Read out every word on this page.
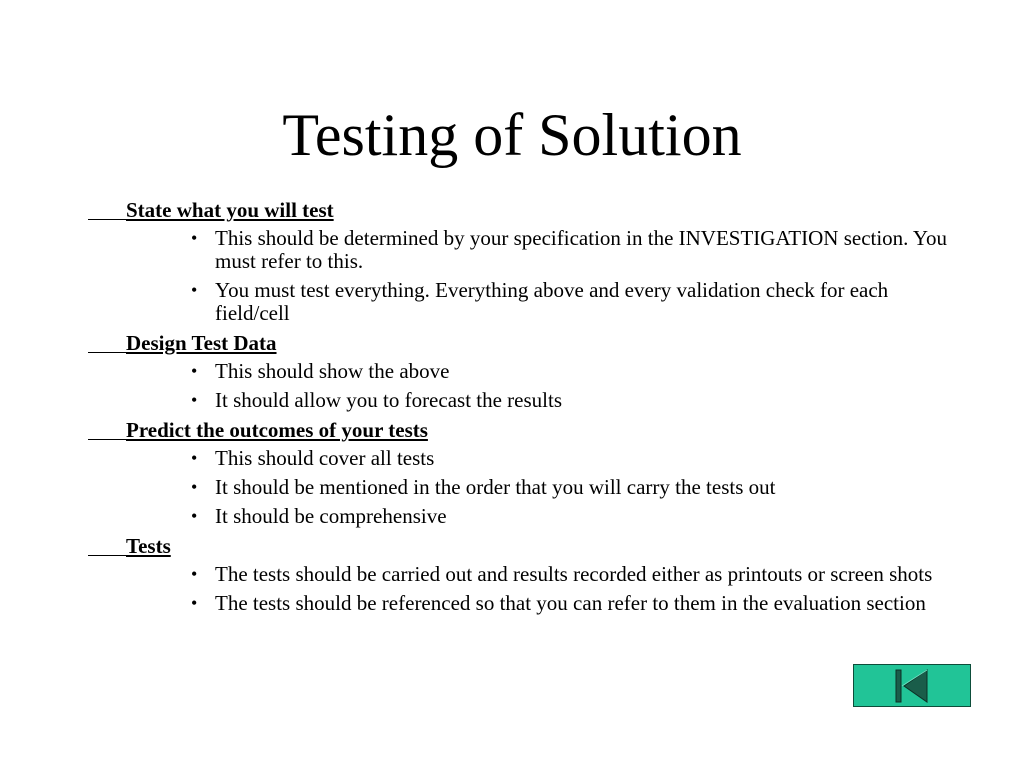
Testing of Solution
State what you will test
• This should be determined by your specification in the INVESTIGATION section. You must refer to this.
• You must test everything. Everything above and every validation check for each field/cell
Design Test Data
• This should show the above
• It should allow you to forecast the results
Predict the outcomes of your tests
• This should cover all tests
• It should be mentioned in the order that you will carry the tests out
• It should be comprehensive
Tests
• The tests should be carried out and results recorded either as printouts or screen shots
• The tests should be referenced so that you can refer to them in the evaluation section
